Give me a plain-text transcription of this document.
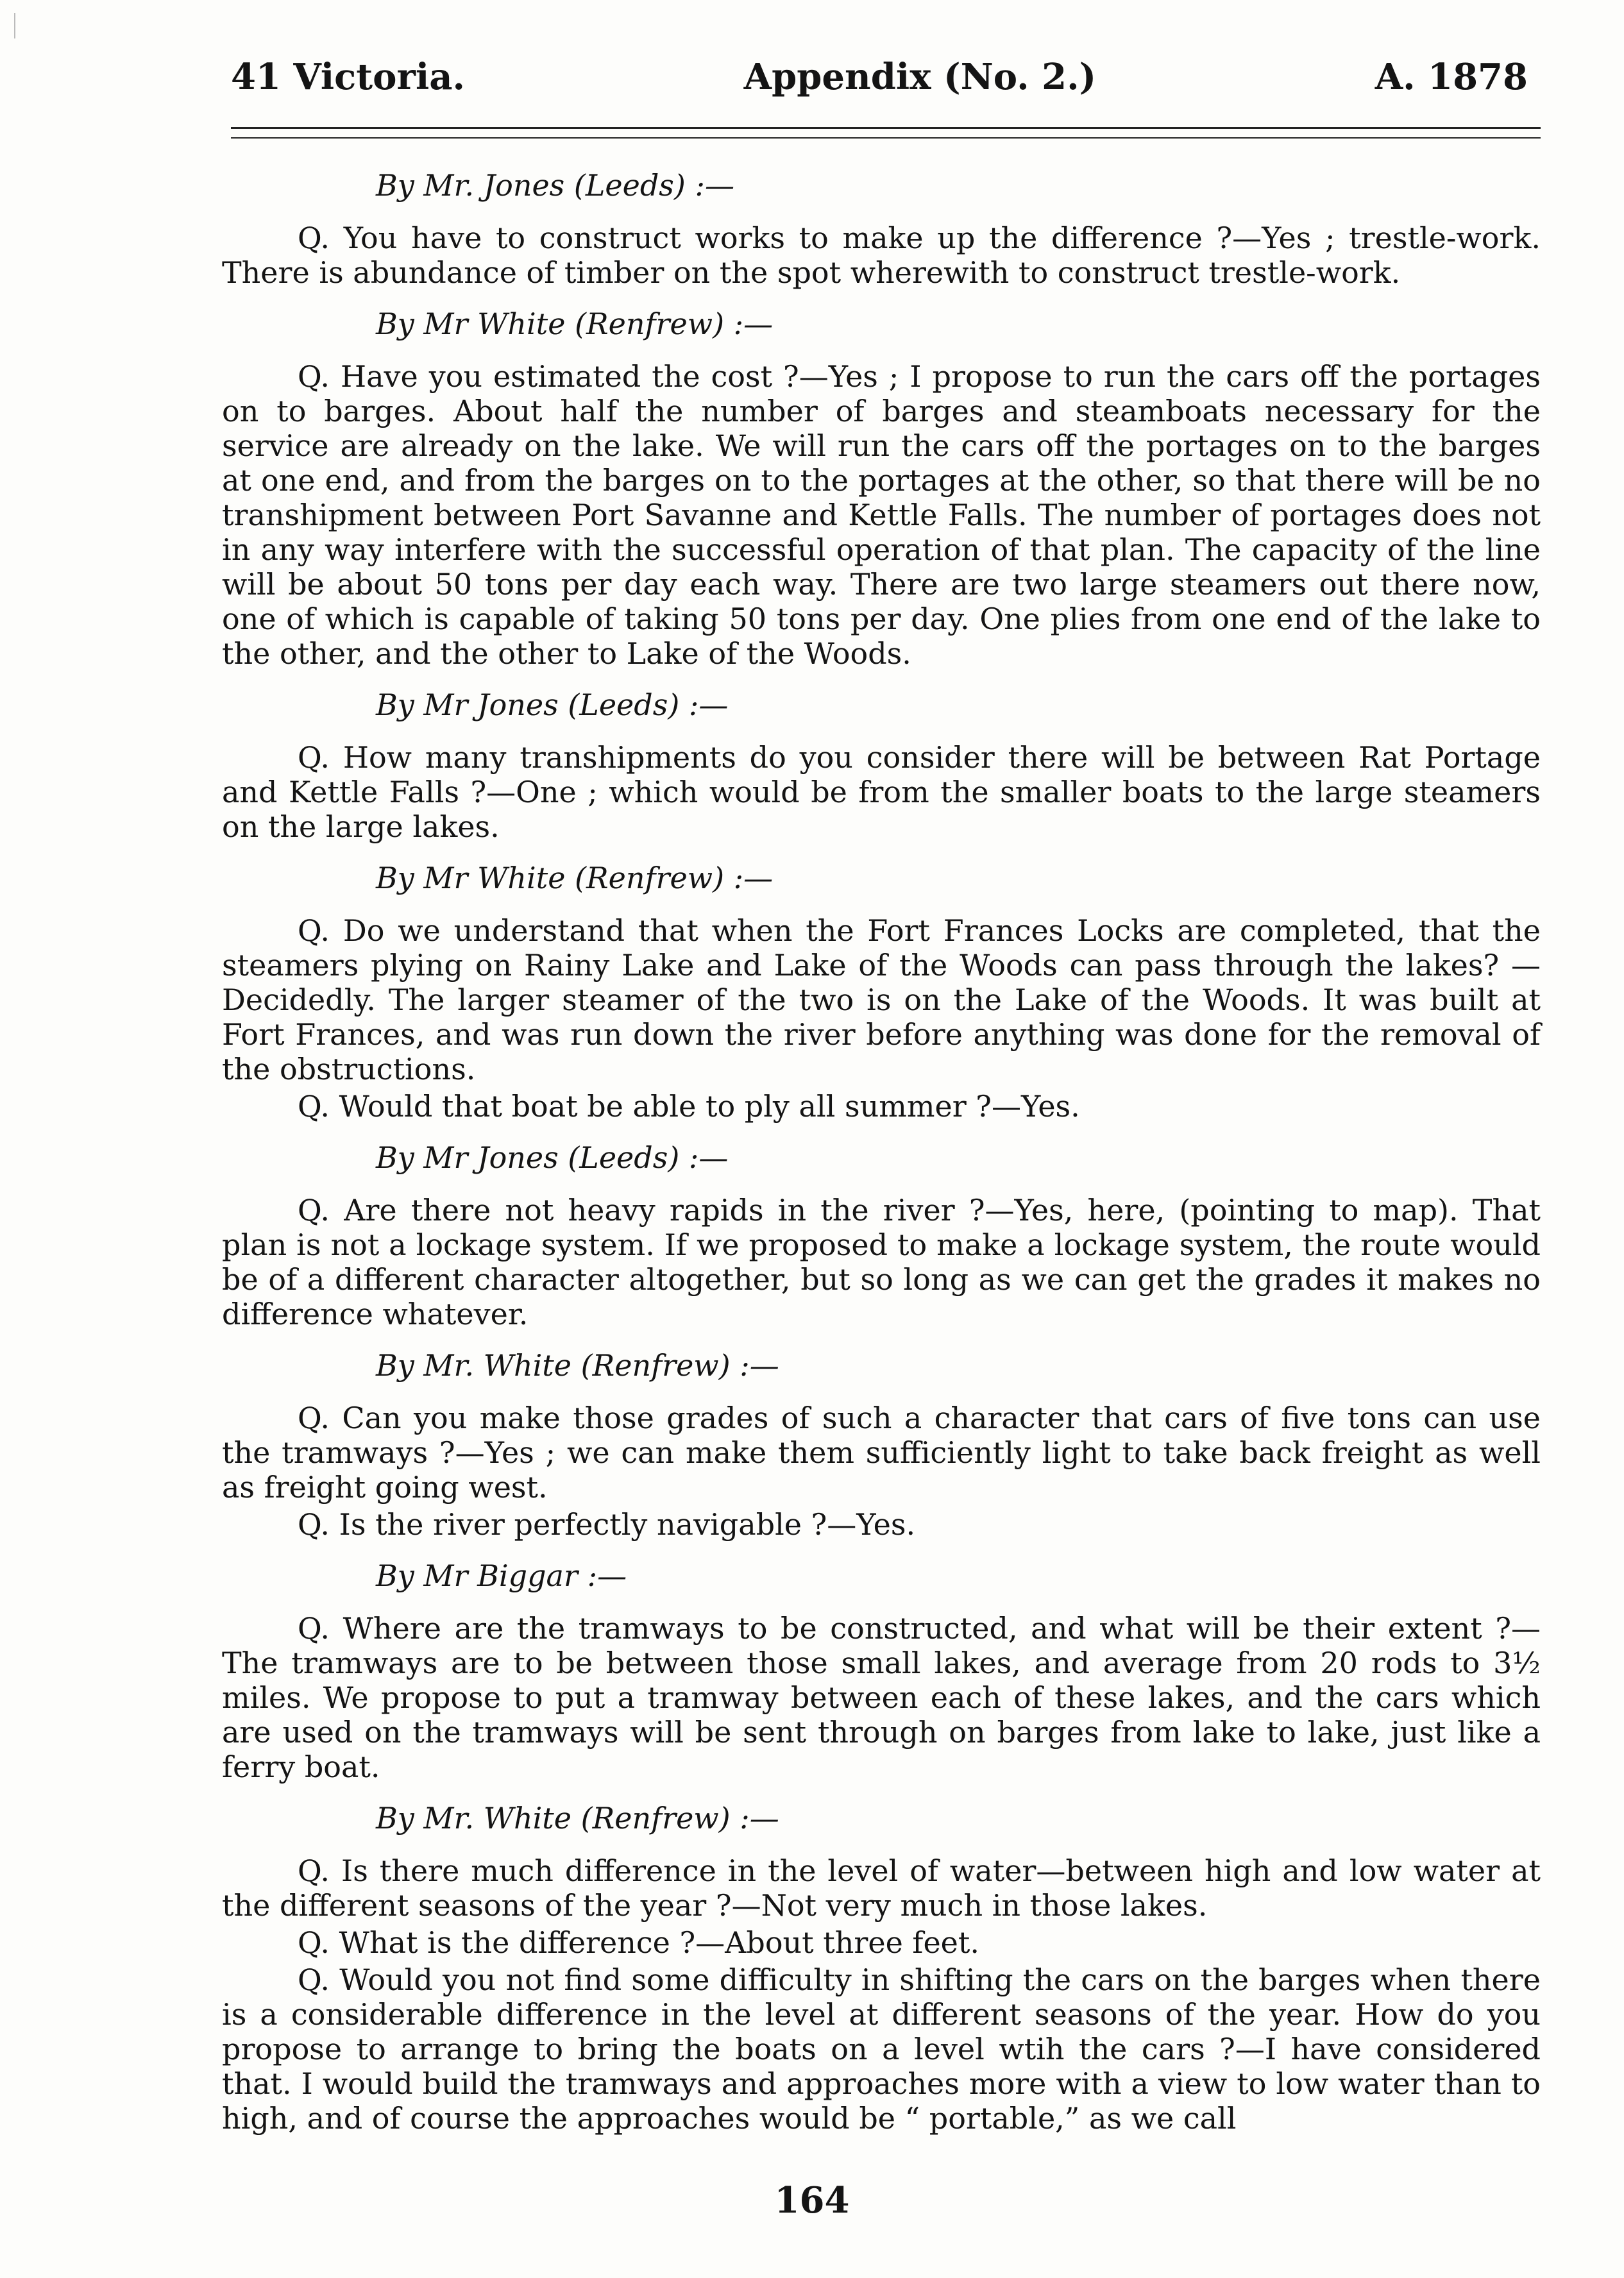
41 Victoria.	Appendix (No. 2.)	A. 1878

By Mr. Jones (Leeds) :—

Q. You have to construct works to make up the difference ?—Yes ; trestle-work. There is abundance of timber on the spot wherewith to construct trestle-work.

By Mr White (Renfrew) :—

Q. Have you estimated the cost ?—Yes ; I propose to run the cars off the portages on to barges. About half the number of barges and steamboats necessary for the service are already on the lake. We will run the cars off the portages on to the barges at one end, and from the barges on to the portages at the other, so that there will be no transhipment between Port Savanne and Kettle Falls. The number of portages does not in any way interfere with the successful operation of that plan. The capacity of the line will be about 50 tons per day each way. There are two large steamers out there now, one of which is capable of taking 50 tons per day. One plies from one end of the lake to the other, and the other to Lake of the Woods.

By Mr Jones (Leeds) :—

Q. How many transhipments do you consider there will be between Rat Portage and Kettle Falls ?—One ; which would be from the smaller boats to the large steamers on the large lakes.

By Mr White (Renfrew) :—

Q. Do we understand that when the Fort Frances Locks are completed, that the steamers plying on Rainy Lake and Lake of the Woods can pass through the lakes? —Decidedly. The larger steamer of the two is on the Lake of the Woods. It was built at Fort Frances, and was run down the river before anything was done for the removal of the obstructions.

Q. Would that boat be able to ply all summer ?—Yes.

By Mr Jones (Leeds) :—

Q. Are there not heavy rapids in the river ?—Yes, here, (pointing to map). That plan is not a lockage system. If we proposed to make a lockage system, the route would be of a different character altogether, but so long as we can get the grades it makes no difference whatever.

By Mr. White (Renfrew) :—

Q. Can you make those grades of such a character that cars of five tons can use the tramways ?—Yes ; we can make them sufficiently light to take back freight as well as freight going west.

Q. Is the river perfectly navigable ?—Yes.

By Mr Biggar :—

Q. Where are the tramways to be constructed, and what will be their extent ?— The tramways are to be between those small lakes, and average from 20 rods to 3½ miles. We propose to put a tramway between each of these lakes, and the cars which are used on the tramways will be sent through on barges from lake to lake, just like a ferry boat.

By Mr. White (Renfrew) :—

Q. Is there much difference in the level of water—between high and low water at the different seasons of the year ?—Not very much in those lakes.

Q. What is the difference ?—About three feet.

Q. Would you not find some difficulty in shifting the cars on the barges when there is a considerable difference in the level at different seasons of the year. How do you propose to arrange to bring the boats on a level wtih the cars ?—I have considered that. I would build the tramways and approaches more with a view to low water than to high, and of course the approaches would be “ portable,” as we call

164
